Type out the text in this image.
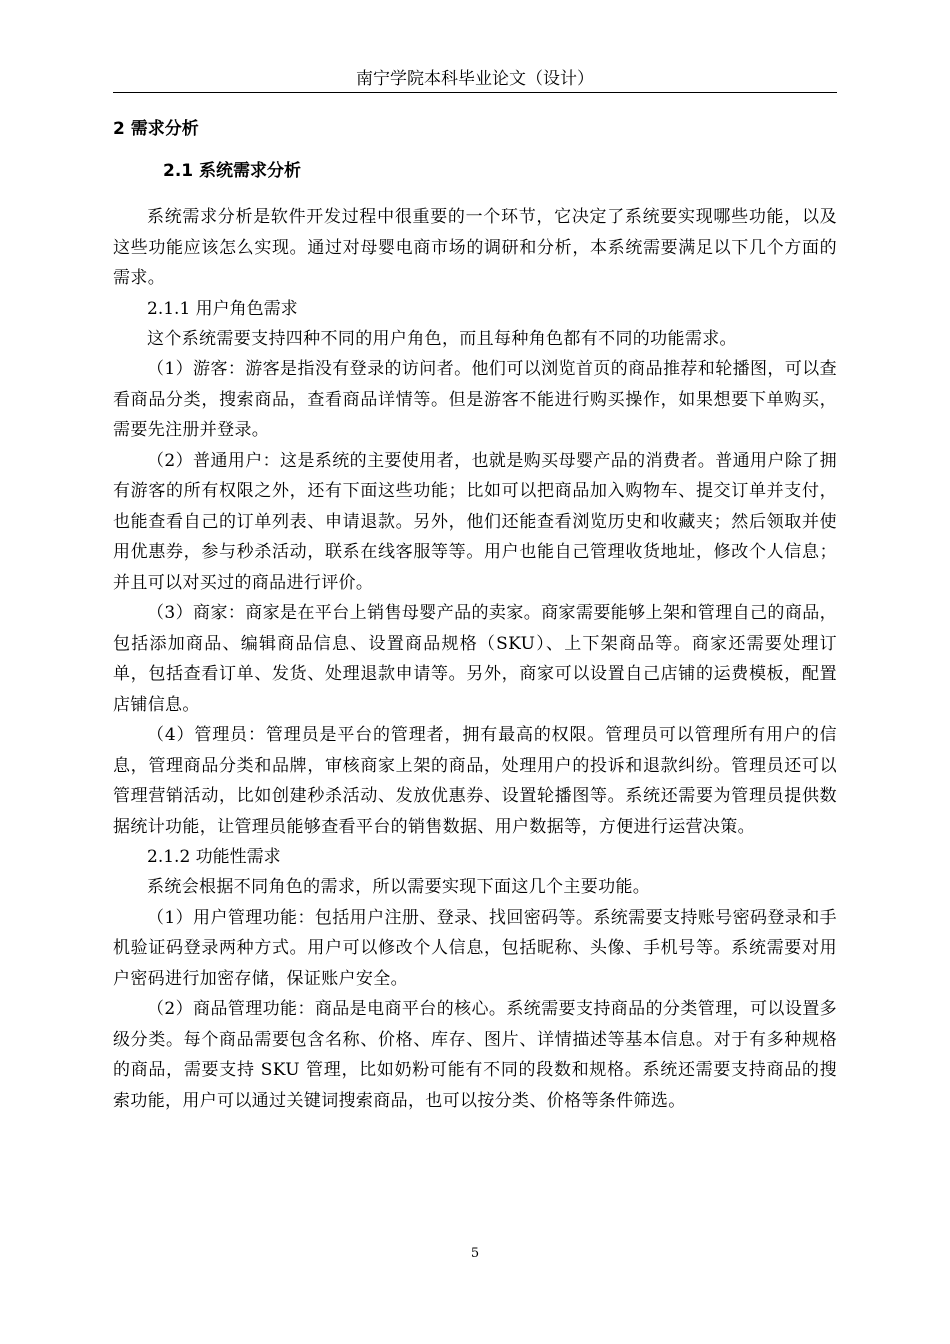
南宁学院本科毕业论文（设计）
2 需求分析
2.1 系统需求分析

系统需求分析是软件开发过程中很重要的一个环节，它决定了系统要实现哪些功能，以及这些功能应该怎么实现。通过对母婴电商市场的调研和分析，本系统需要满足以下几个方面的需求。

2.1.1 用户角色需求

这个系统需要支持四种不同的用户角色，而且每种角色都有不同的功能需求。

（1）游客：游客是指没有登录的访问者。他们可以浏览首页的商品推荐和轮播图，可以查看商品分类，搜索商品，查看商品详情等。但是游客不能进行购买操作，如果想要下单购买，需要先注册并登录。

（2）普通用户：这是系统的主要使用者，也就是购买母婴产品的消费者。普通用户除了拥有游客的所有权限之外，还有下面这些功能；比如可以把商品加入购物车、提交订单并支付，也能查看自己的订单列表、申请退款。另外，他们还能查看浏览历史和收藏夹；然后领取并使用优惠券，参与秒杀活动，联系在线客服等等。用户也能自己管理收货地址，修改个人信息；并且可以对买过的商品进行评价。

（3）商家：商家是在平台上销售母婴产品的卖家。商家需要能够上架和管理自己的商品，包括添加商品、编辑商品信息、设置商品规格（SKU）、上下架商品等。商家还需要处理订单，包括查看订单、发货、处理退款申请等。另外，商家可以设置自己店铺的运费模板，配置店铺信息。

（4）管理员：管理员是平台的管理者，拥有最高的权限。管理员可以管理所有用户的信息，管理商品分类和品牌，审核商家上架的商品，处理用户的投诉和退款纠纷。管理员还可以管理营销活动，比如创建秒杀活动、发放优惠券、设置轮播图等。系统还需要为管理员提供数据统计功能，让管理员能够查看平台的销售数据、用户数据等，方便进行运营决策。

2.1.2 功能性需求

系统会根据不同角色的需求，所以需要实现下面这几个主要功能。

（1）用户管理功能：包括用户注册、登录、找回密码等。系统需要支持账号密码登录和手机验证码登录两种方式。用户可以修改个人信息，包括昵称、头像、手机号等。系统需要对用户密码进行加密存储，保证账户安全。

（2）商品管理功能：商品是电商平台的核心。系统需要支持商品的分类管理，可以设置多级分类。每个商品需要包含名称、价格、库存、图片、详情描述等基本信息。对于有多种规格的商品，需要支持 SKU 管理，比如奶粉可能有不同的段数和规格。系统还需要支持商品的搜索功能，用户可以通过关键词搜索商品，也可以按分类、价格等条件筛选。

5
